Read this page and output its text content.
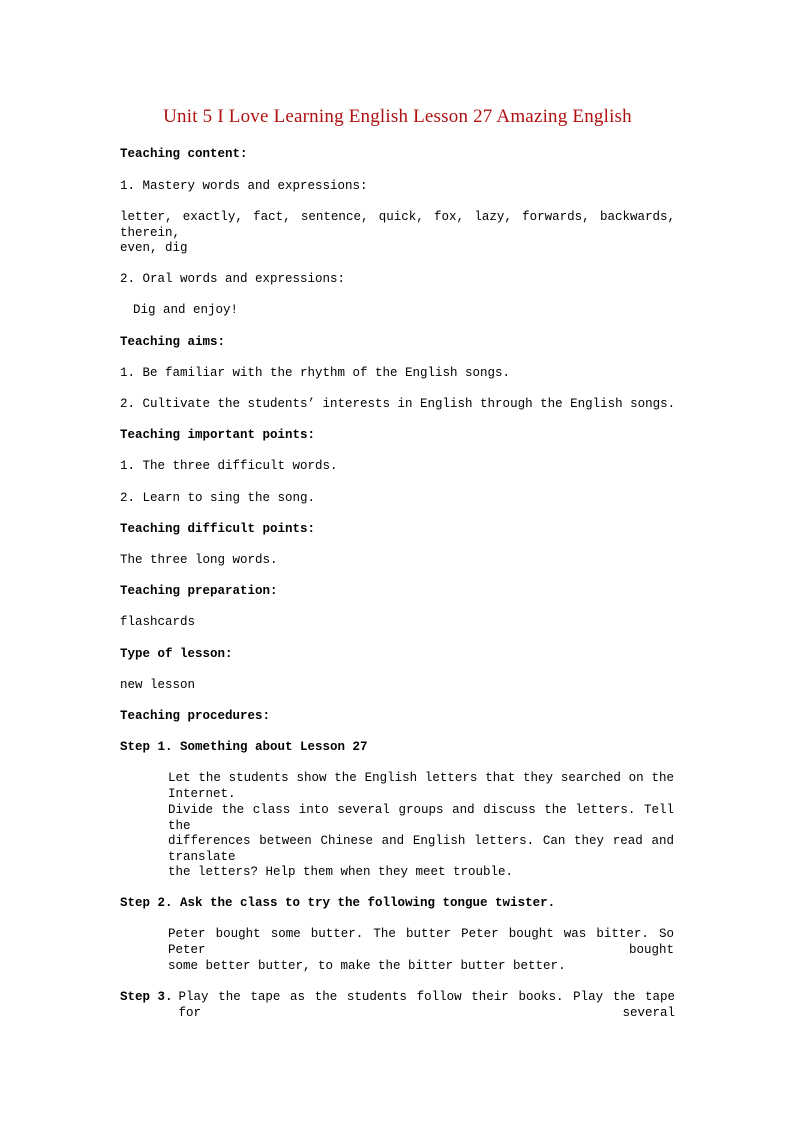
Unit 5 I Love Learning English Lesson 27 Amazing English
Teaching content:
1. Mastery words and expressions:
letter, exactly, fact, sentence, quick, fox, lazy, forwards, backwards, therein,
even, dig
2. Oral words and expressions:
Dig and enjoy!
Teaching aims:
1. Be familiar with the rhythm of the English songs.
2. Cultivate the students’ interests in English through the English songs.
Teaching important points:
1. The three difficult words.
2. Learn to sing the song.
Teaching difficult points:
The three long words.
Teaching preparation:
flashcards
Type of lesson:
new lesson
Teaching procedures:
Step 1. Something about Lesson 27
Let the students show the English letters that they searched on the Internet.
Divide the class into several groups and discuss the letters. Tell the
differences between Chinese and English letters. Can they read and translate
the letters? Help them when they meet trouble.
Step 2. Ask the class to try the following tongue twister.
Peter bought some butter. The butter Peter bought was bitter. So Peter bought
some better butter, to make the bitter butter better.
Step 3. Play the tape as the students follow their books. Play the tape for several
